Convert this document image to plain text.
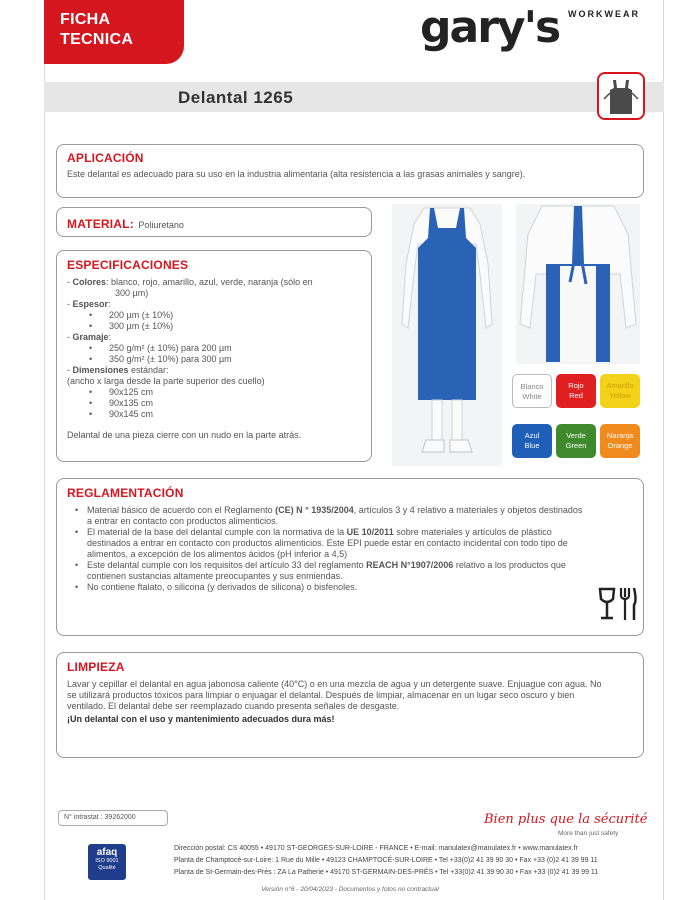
FICHA
TECNICA	gary's WORKWEAR
Delantal 1265
APLICACIÓN
Este delantal es adecuado para su uso en la industria alimentaria (alta resistencia a las grasas animales y sangre).
MATERIAL: Poliuretano
ESPECIFICACIONES
- Colores: blanco, rojo, amarillo, azul, verde, naranja (sólo en
300 µm)
- Espesor:
• 200 µm (± 10%)
• 300 µm (± 10%)
- Gramaje:
• 250 g/m² (± 10%) para 200 µm
• 350 g/m² (± 10%) para 300 µm
- Dimensiones estándar:
(ancho x larga desde la parte superior des cuello)
• 90x125 cm
• 90x135 cm
• 90x145 cm
Delantal de una pieza cierre con un nudo en la parte atrás.
Blanco
White
Rojo
Red
Amarillo
Yellow
Azul
Blue
Verde
Green
Naranja
Orange
REGLAMENTACIÓN
• Material básico de acuerdo con el Reglamento (CE) N ° 1935/2004, artículos 3 y 4 relativo a materiales y objetos destinados a entrar en contacto con productos alimenticios.
• El material de la base del delantal cumple con la normativa de la UE 10/2011 sobre materiales y artículos de plástico destinados a entrar en contacto con productos alimenticios. Este EPI puede estar en contacto incidental con todo tipo de alimentos, a excepción de los alimentos ácidos (pH inferior a 4,5)
• Este delantal cumple con los requisitos del artículo 33 del reglamento REACH N°1907/2006 relativo a los productos que contienen sustancias altamente preocupantes y sus enmiendas.
• No contiene ftalato, o silicona (y derivados de silicona) o bisfenoles.
LIMPIEZA
Lavar y cepillar el delantal en agua jabonosa caliente (40°C) o en una mezcla de agua y un detergente suave. Enjuague con agua. No se utilizará productos tóxicos para limpiar o enjuagar el delantal. Después de limpiar, almacenar en un lugar seco oscuro y bien ventilado. El delantal debe ser reemplazado cuando presenta señales de desgaste.
¡Un delantal con el uso y mantenimiento adecuados dura más!
N° intrastat : 39262000	Bien plus que la sécurité
More than just safety
afaq
ISO 9001
Qualité
Dirección postal: CS 40055 • 49170 ST-GEORGES-SUR-LOIRE - FRANCE • E-mail: manulatex@manulatex.fr • www.manulatex.fr
Planta de Champtocé-sur-Loire: 1 Rue du Mille • 49123 CHAMPTOCÉ-SUR-LOIRE • Tel +33(0)2 41 39 90 30 • Fax +33 (0)2 41 39 99 11
Planta de St-Germain-des-Prés : ZA La Patherie • 49170 ST-GERMAIN-DES-PRÉS • Tel +33(0)2 41 39 90 30 • Fax +33 (0)2 41 39 99 11
Versión n°6 - 20/04/2023 - Documentos y fotos no contractual
